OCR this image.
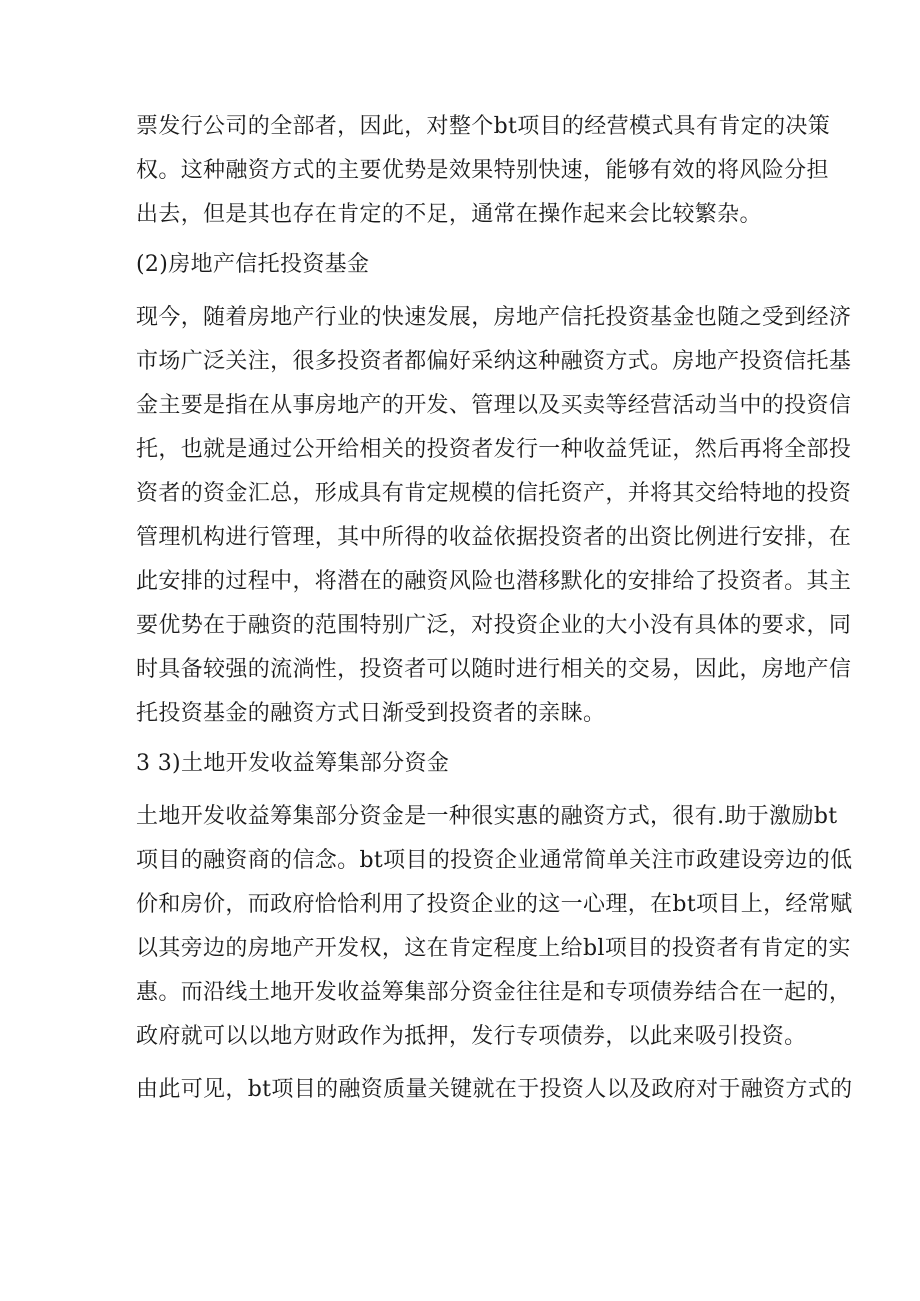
票发行公司的全部者，因此，对整个bt项目的经营模式具有肯定的决策
权。这种融资方式的主要优势是效果特别快速，能够有效的将风险分担
出去，但是其也存在肯定的不足，通常在操作起来会比较繁杂。
(2)房地产信托投资基金
现今，随着房地产行业的快速发展，房地产信托投资基金也随之受到经济
市场广泛关注，很多投资者都偏好采纳这种融资方式。房地产投资信托基
金主要是指在从事房地产的开发、管理以及买卖等经营活动当中的投资信
托，也就是通过公开给相关的投资者发行一种收益凭证，然后再将全部投
资者的资金汇总，形成具有肯定规模的信托资产，并将其交给特地的投资
管理机构进行管理，其中所得的收益依据投资者的出资比例进行安排，在
此安排的过程中，将潜在的融资风险也潜移默化的安排给了投资者。其主
要优势在于融资的范围特别广泛，对投资企业的大小没有具体的要求，同
时具备较强的流淌性，投资者可以随时进行相关的交易，因此，房地产信
托投资基金的融资方式日渐受到投资者的亲睐。
3 3)土地开发收益筹集部分资金
土地开发收益筹集部分资金是一种很实惠的融资方式，很有.助于激励bt
项目的融资商的信念。bt项目的投资企业通常简单关注市政建设旁边的低
价和房价，而政府恰恰利用了投资企业的这一心理，在bt项目上，经常赋
以其旁边的房地产开发权，这在肯定程度上给bl项目的投资者有肯定的实
惠。而沿线土地开发收益筹集部分资金往往是和专项债券结合在一起的，
政府就可以以地方财政作为抵押，发行专项债券，以此来吸引投资。
由此可见，bt项目的融资质量关键就在于投资人以及政府对于融资方式的
